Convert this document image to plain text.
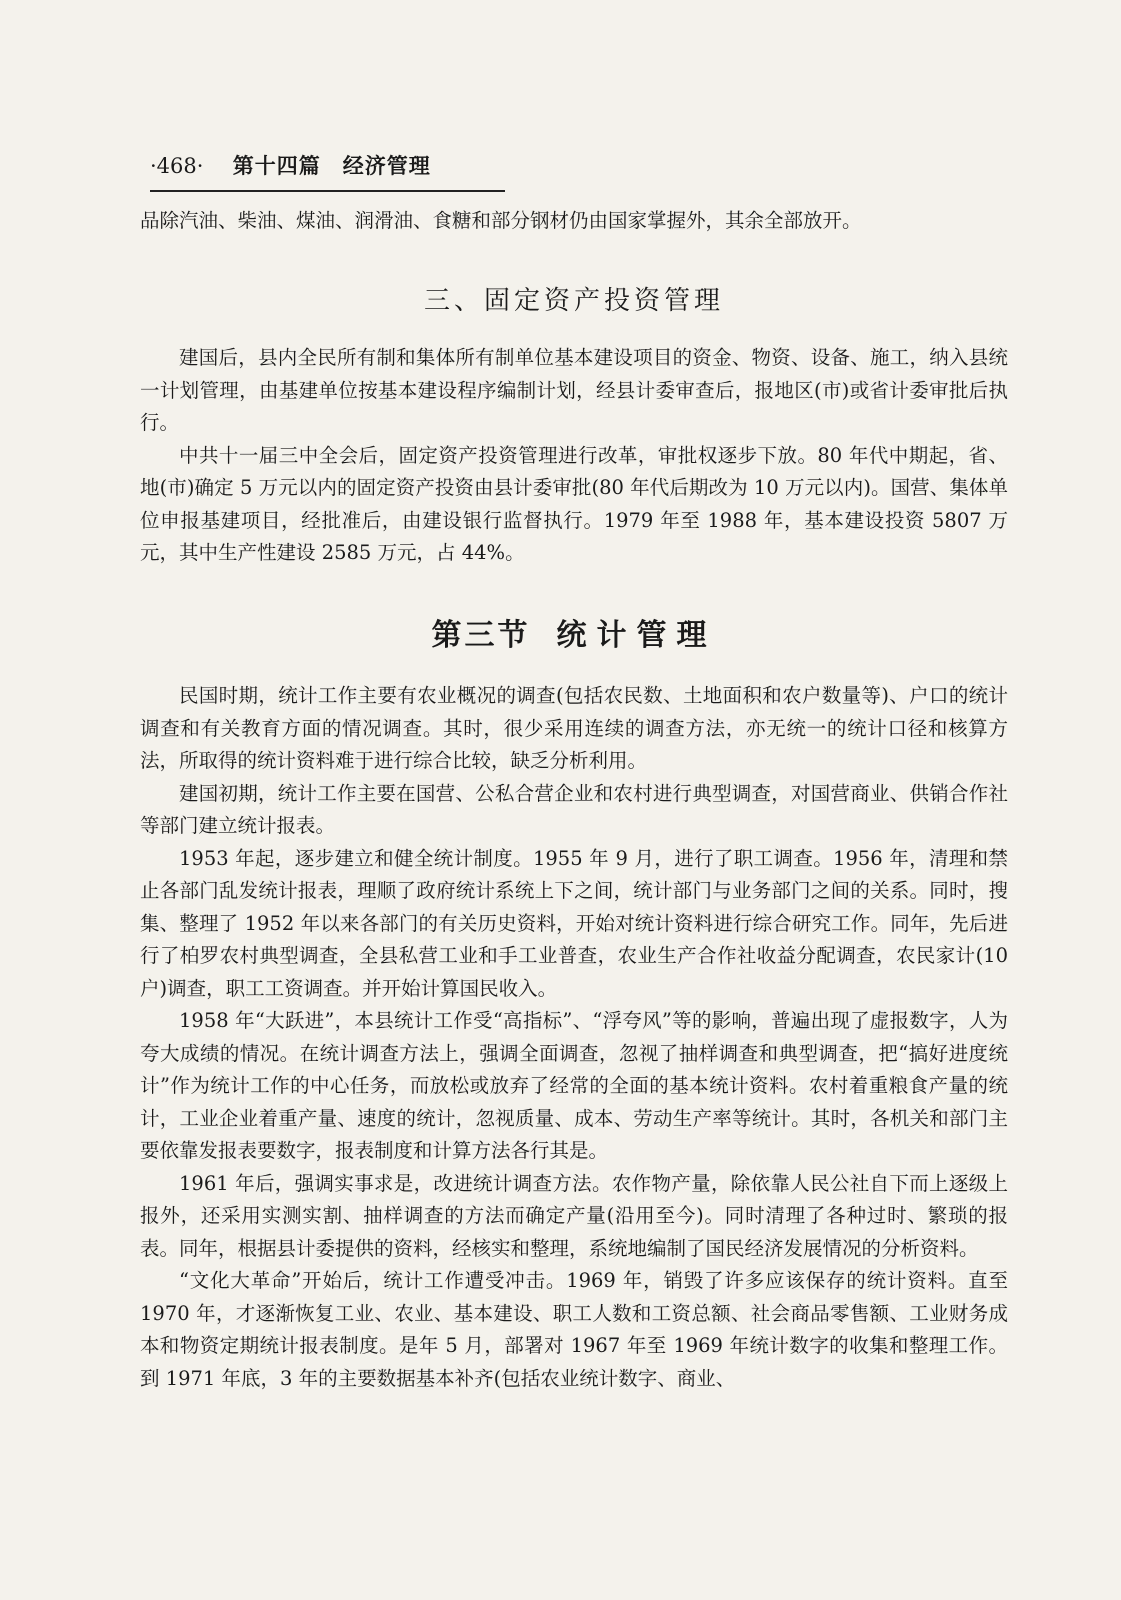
·468· 第十四篇　经济管理

品除汽油、柴油、煤油、润滑油、食糖和部分钢材仍由国家掌握外，其余全部放开。

三、固定资产投资管理

建国后，县内全民所有制和集体所有制单位基本建设项目的资金、物资、设备、施工，纳入县统一计划管理，由基建单位按基本建设程序编制计划，经县计委审查后，报地区(市)或省计委审批后执行。

中共十一届三中全会后，固定资产投资管理进行改革，审批权逐步下放。80 年代中期起，省、地(市)确定 5 万元以内的固定资产投资由县计委审批(80 年代后期改为 10 万元以内)。国营、集体单位申报基建项目，经批准后，由建设银行监督执行。1979 年至 1988 年，基本建设投资 5807 万元，其中生产性建设 2585 万元，占 44%。

第三节 统计管理

民国时期，统计工作主要有农业概况的调查(包括农民数、土地面积和农户数量等)、户口的统计调查和有关教育方面的情况调查。其时，很少采用连续的调查方法，亦无统一的统计口径和核算方法，所取得的统计资料难于进行综合比较，缺乏分析利用。

建国初期，统计工作主要在国营、公私合营企业和农村进行典型调查，对国营商业、供销合作社等部门建立统计报表。

1953 年起，逐步建立和健全统计制度。1955 年 9 月，进行了职工调查。1956 年，清理和禁止各部门乱发统计报表，理顺了政府统计系统上下之间，统计部门与业务部门之间的关系。同时，搜集、整理了 1952 年以来各部门的有关历史资料，开始对统计资料进行综合研究工作。同年，先后进行了柏罗农村典型调查，全县私营工业和手工业普查，农业生产合作社收益分配调查，农民家计(10 户)调查，职工工资调查。并开始计算国民收入。

1958 年“大跃进”，本县统计工作受“高指标”、“浮夸风”等的影响，普遍出现了虚报数字，人为夸大成绩的情况。在统计调查方法上，强调全面调查，忽视了抽样调查和典型调查，把“搞好进度统计”作为统计工作的中心任务，而放松或放弃了经常的全面的基本统计资料。农村着重粮食产量的统计，工业企业着重产量、速度的统计，忽视质量、成本、劳动生产率等统计。其时，各机关和部门主要依靠发报表要数字，报表制度和计算方法各行其是。

1961 年后，强调实事求是，改进统计调查方法。农作物产量，除依靠人民公社自下而上逐级上报外，还采用实测实割、抽样调查的方法而确定产量(沿用至今)。同时清理了各种过时、繁琐的报表。同年，根据县计委提供的资料，经核实和整理，系统地编制了国民经济发展情况的分析资料。

“文化大革命”开始后，统计工作遭受冲击。1969 年，销毁了许多应该保存的统计资料。直至 1970 年，才逐渐恢复工业、农业、基本建设、职工人数和工资总额、社会商品零售额、工业财务成本和物资定期统计报表制度。是年 5 月，部署对 1967 年至 1969 年统计数字的收集和整理工作。到 1971 年底，3 年的主要数据基本补齐(包括农业统计数字、商业、
